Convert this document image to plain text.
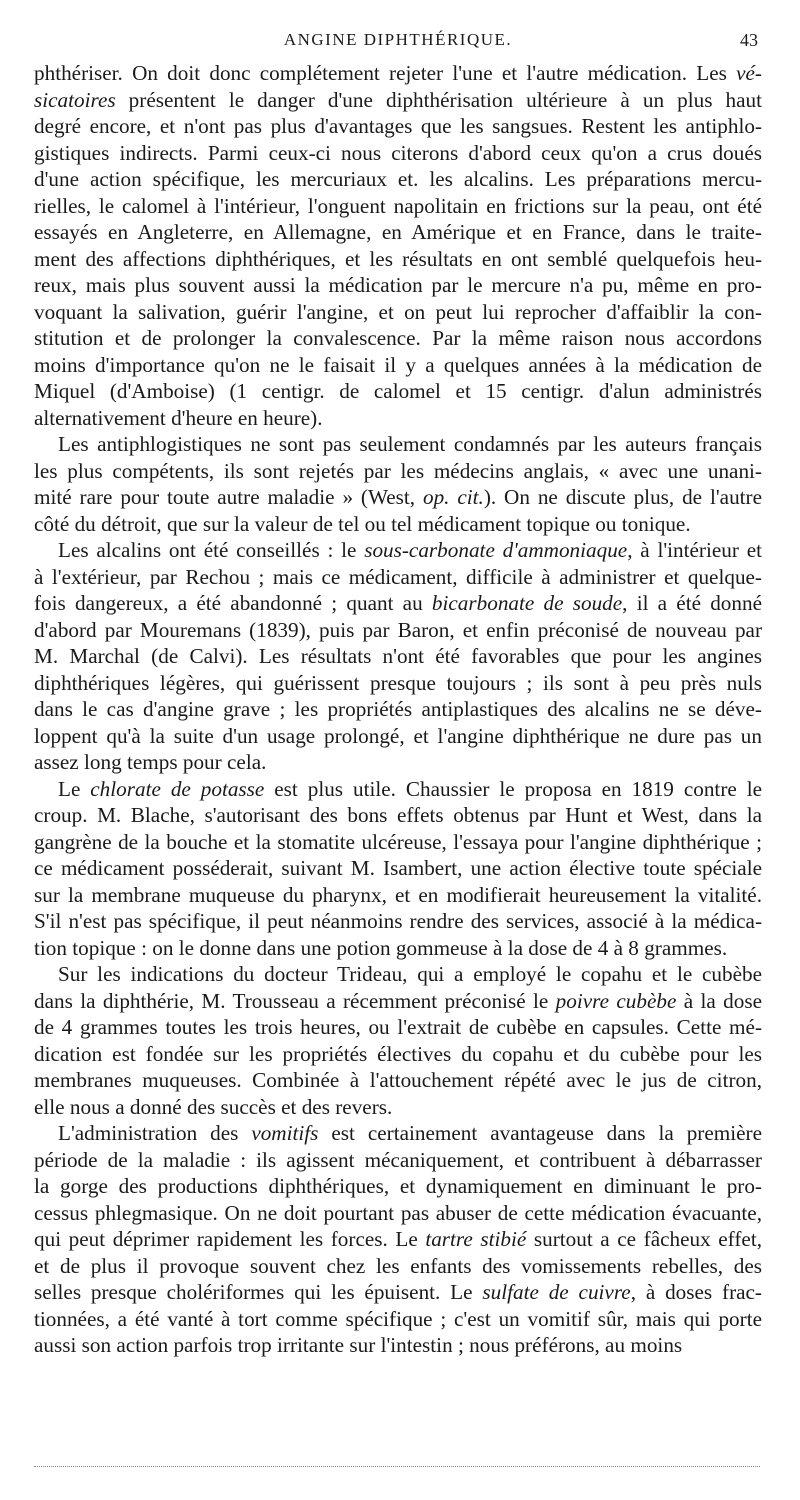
ANGINE DIPHTHÉRIQUE.	43

phthériser. On doit donc complétement rejeter l'une et l'autre médication. Les vé-
sicatoires présentent le danger d'une diphthérisation ultérieure à un plus haut
degré encore, et n'ont pas plus d'avantages que les sangsues. Restent les antiphlo-
gistiques indirects. Parmi ceux-ci nous citerons d'abord ceux qu'on a crus doués
d'une action spécifique, les mercuriaux et. les alcalins. Les préparations mercu-
rielles, le calomel à l'intérieur, l'onguent napolitain en frictions sur la peau, ont été
essayés en Angleterre, en Allemagne, en Amérique et en France, dans le traite-
ment des affections diphthériques, et les résultats en ont semblé quelquefois heu-
reux, mais plus souvent aussi la médication par le mercure n'a pu, même en pro-
voquant la salivation, guérir l'angine, et on peut lui reprocher d'affaiblir la con-
stitution et de prolonger la convalescence. Par la même raison nous accordons
moins d'importance qu'on ne le faisait il y a quelques années à la médication de
Miquel (d'Amboise) (1 centigr. de calomel et 15 centigr. d'alun administrés
alternativement d'heure en heure).

Les antiphlogistiques ne sont pas seulement condamnés par les auteurs français
les plus compétents, ils sont rejetés par les médecins anglais, « avec une unani-
mité rare pour toute autre maladie » (West, op. cit.). On ne discute plus, de l'autre
côté du détroit, que sur la valeur de tel ou tel médicament topique ou tonique.

Les alcalins ont été conseillés : le sous-carbonate d'ammoniaque, à l'intérieur et
à l'extérieur, par Rechou ; mais ce médicament, difficile à administrer et quelque-
fois dangereux, a été abandonné ; quant au bicarbonate de soude, il a été donné
d'abord par Mouremans (1839), puis par Baron, et enfin préconisé de nouveau par
M. Marchal (de Calvi). Les résultats n'ont été favorables que pour les angines
diphthériques légères, qui guérissent presque toujours ; ils sont à peu près nuls
dans le cas d'angine grave ; les propriétés antiplastiques des alcalins ne se déve-
loppent qu'à la suite d'un usage prolongé, et l'angine diphthérique ne dure pas un
assez long temps pour cela.

Le chlorate de potasse est plus utile. Chaussier le proposa en 1819 contre le
croup. M. Blache, s'autorisant des bons effets obtenus par Hunt et West, dans la
gangrène de la bouche et la stomatite ulcéreuse, l'essaya pour l'angine diphthérique ;
ce médicament posséderait, suivant M. Isambert, une action élective toute spéciale
sur la membrane muqueuse du pharynx, et en modifierait heureusement la vitalité.
S'il n'est pas spécifique, il peut néanmoins rendre des services, associé à la médica-
tion topique : on le donne dans une potion gommeuse à la dose de 4 à 8 grammes.

Sur les indications du docteur Trideau, qui a employé le copahu et le cubèbe
dans la diphthérie, M. Trousseau a récemment préconisé le poivre cubèbe à la dose
de 4 grammes toutes les trois heures, ou l'extrait de cubèbe en capsules. Cette mé-
dication est fondée sur les propriétés électives du copahu et du cubèbe pour les
membranes muqueuses. Combinée à l'attouchement répété avec le jus de citron,
elle nous a donné des succès et des revers.

L'administration des vomitifs est certainement avantageuse dans la première
période de la maladie : ils agissent mécaniquement, et contribuent à débarrasser
la gorge des productions diphthériques, et dynamiquement en diminuant le pro-
cessus phlegmasique. On ne doit pourtant pas abuser de cette médication évacuante,
qui peut déprimer rapidement les forces. Le tartre stibié surtout a ce fâcheux effet,
et de plus il provoque souvent chez les enfants des vomissements rebelles, des
selles presque cholériformes qui les épuisent. Le sulfate de cuivre, à doses frac-
tionnées, a été vanté à tort comme spécifique ; c'est un vomitif sûr, mais qui porte
aussi son action parfois trop irritante sur l'intestin ; nous préférons, au moins
